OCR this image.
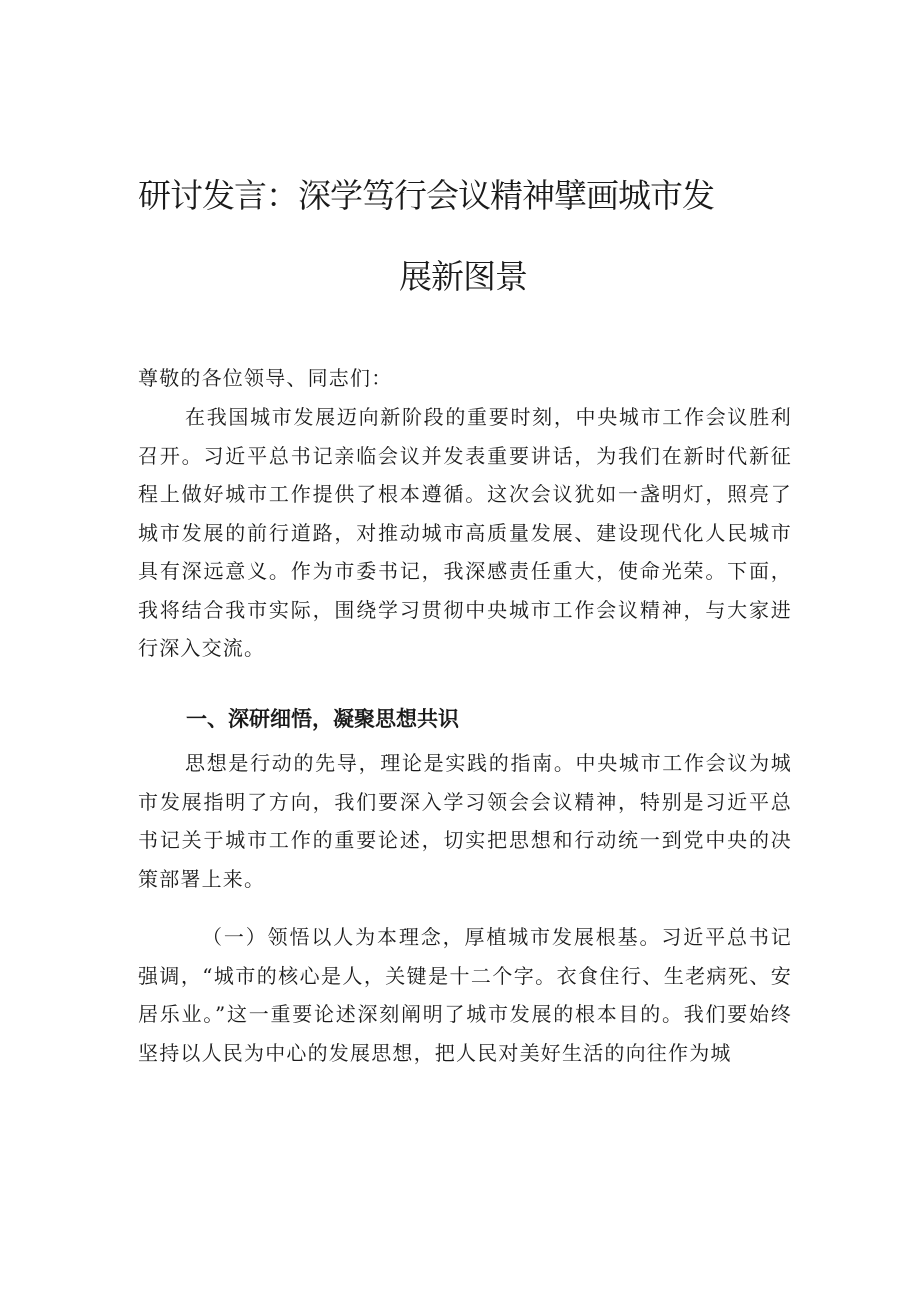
研讨发言：深学笃行会议精神擘画城市发
展新图景

尊敬的各位领导、同志们：

在我国城市发展迈向新阶段的重要时刻，中央城市工作会议胜利召开。习近平总书记亲临会议并发表重要讲话，为我们在新时代新征程上做好城市工作提供了根本遵循。这次会议犹如一盏明灯，照亮了城市发展的前行道路，对推动城市高质量发展、建设现代化人民城市具有深远意义。作为市委书记，我深感责任重大，使命光荣。下面，我将结合我市实际，围绕学习贯彻中央城市工作会议精神，与大家进行深入交流。

一、深研细悟，凝聚思想共识

思想是行动的先导，理论是实践的指南。中央城市工作会议为城市发展指明了方向，我们要深入学习领会会议精神，特别是习近平总书记关于城市工作的重要论述，切实把思想和行动统一到党中央的决策部署上来。

（一）领悟以人为本理念，厚植城市发展根基。习近平总书记强调，“城市的核心是人，关键是十二个字。衣食住行、生老病死、安居乐业。”这一重要论述深刻阐明了城市发展的根本目的。我们要始终坚持以人民为中心的发展思想，把人民对美好生活的向往作为城
